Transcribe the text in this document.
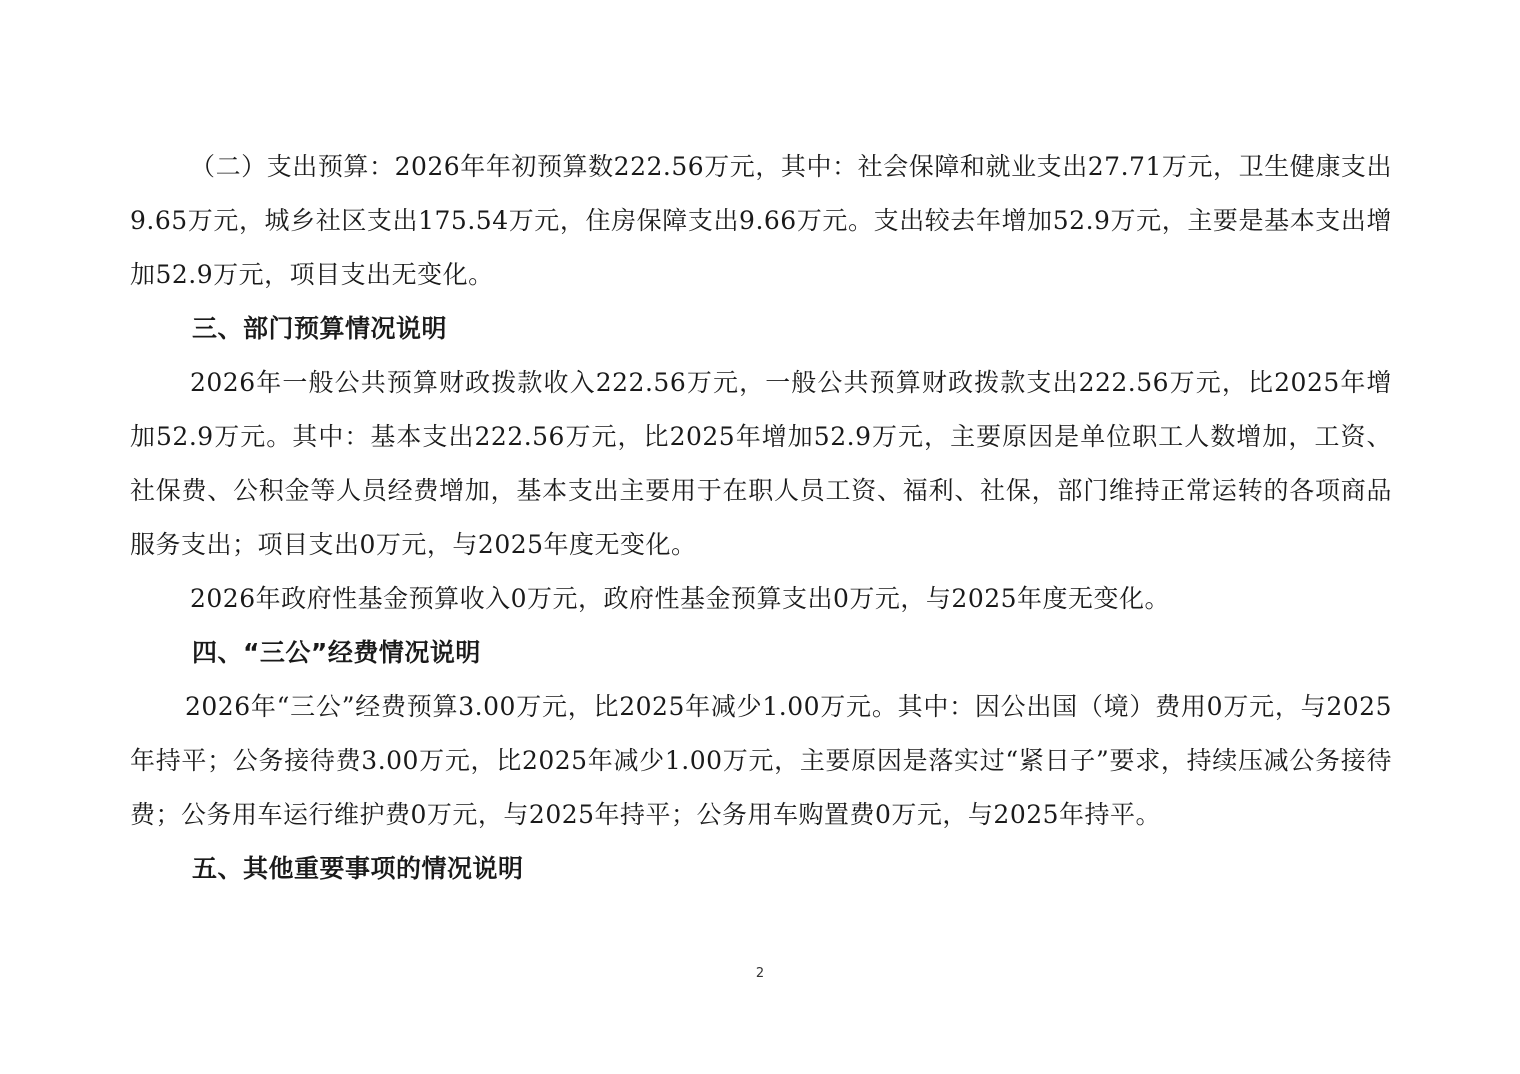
（二）支出预算：2026年年初预算数222.56万元，其中：社会保障和就业支出27.71万元，卫生健康支出9.65万元，城乡社区支出175.54万元，住房保障支出9.66万元。支出较去年增加52.9万元，主要是基本支出增加52.9万元，项目支出无变化。

三、部门预算情况说明

2026年一般公共预算财政拨款收入222.56万元，一般公共预算财政拨款支出222.56万元，比2025年增加52.9万元。其中：基本支出222.56万元，比2025年增加52.9万元，主要原因是单位职工人数增加，工资、社保费、公积金等人员经费增加，基本支出主要用于在职人员工资、福利、社保，部门维持正常运转的各项商品服务支出；项目支出0万元，与2025年度无变化。

2026年政府性基金预算收入0万元，政府性基金预算支出0万元，与2025年度无变化。

四、“三公”经费情况说明

2026年“三公”经费预算3.00万元，比2025年减少1.00万元。其中：因公出国（境）费用0万元，与2025年持平；公务接待费3.00万元，比2025年减少1.00万元，主要原因是落实过“紧日子”要求，持续压减公务接待费；公务用车运行维护费0万元，与2025年持平；公务用车购置费0万元，与2025年持平。

五、其他重要事项的情况说明
2
